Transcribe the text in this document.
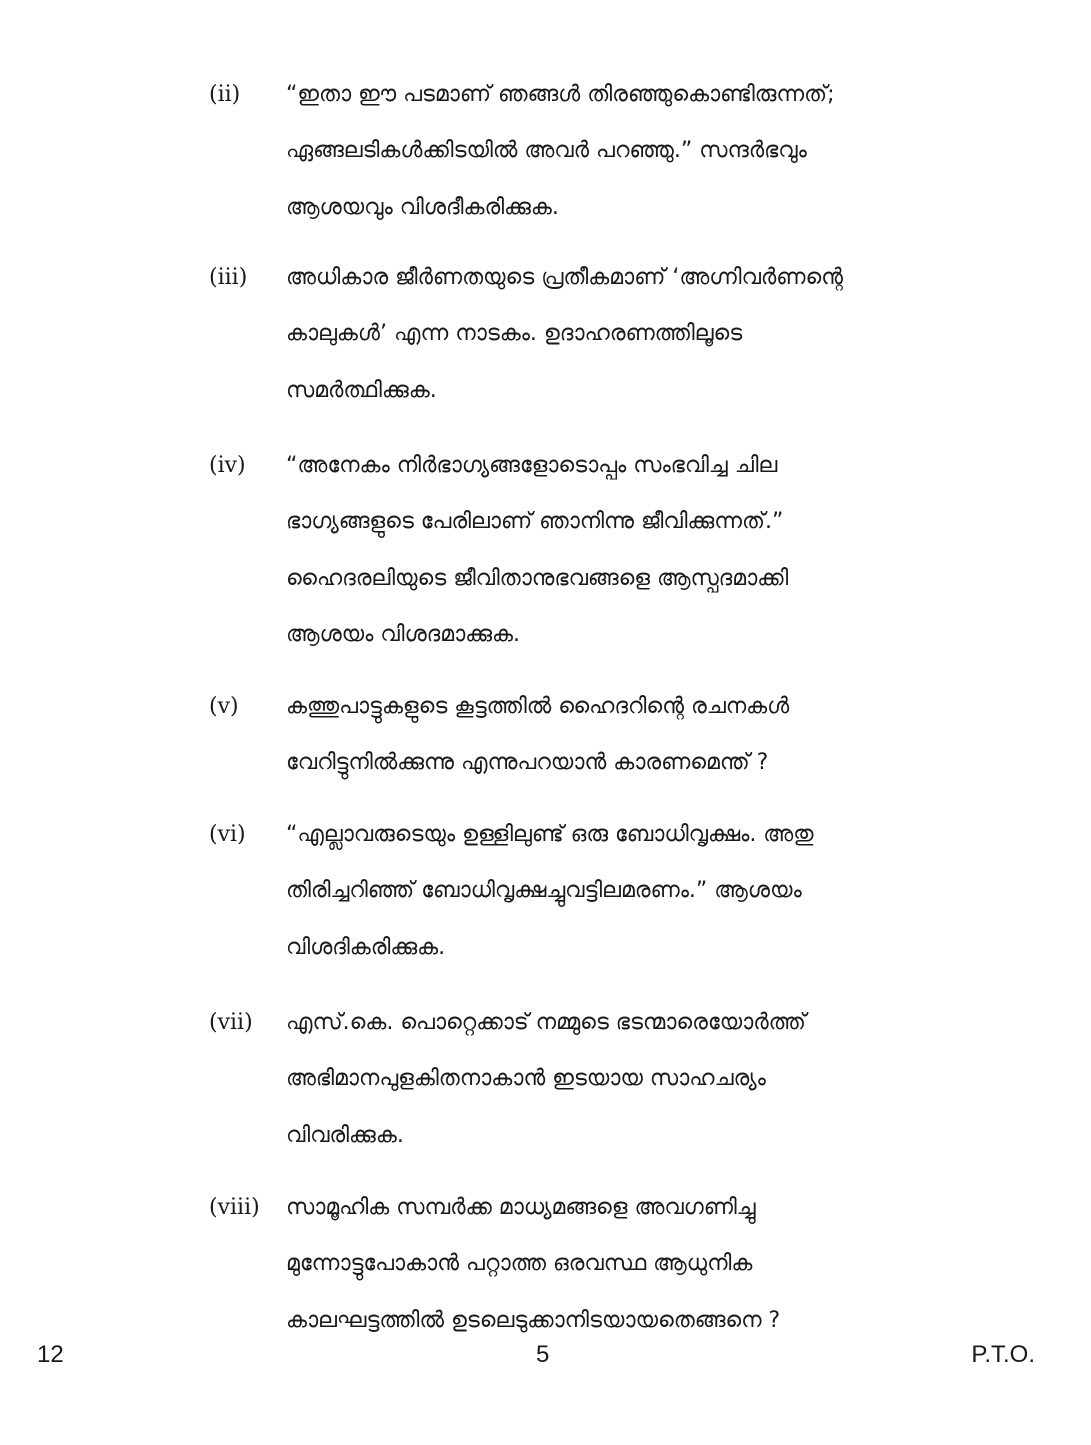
(ii) “ഇതാ ഈ പടമാണ് ഞങ്ങൾ തിരഞ്ഞുകൊണ്ടിരുന്നത്;
ഏങ്ങലടികൾക്കിടയിൽ അവർ പറഞ്ഞു.” സന്ദർഭവും
ആശയവും വിശദീകരിക്കുക.
(iii) അധികാര ജീർണതയുടെ പ്രതീകമാണ് ‘അഗ്നിവർണന്റെ
കാലുകൾ’ എന്ന നാടകം. ഉദാഹരണത്തിലൂടെ
സമർത്ഥിക്കുക.
(iv) “അനേകം നിർഭാഗ്യങ്ങളോടൊപ്പം സംഭവിച്ച ചില
ഭാഗ്യങ്ങളുടെ പേരിലാണ് ഞാനിന്നു ജീവിക്കുന്നത്.”
ഹൈദരലിയുടെ ജീവിതാനുഭവങ്ങളെ ആസ്പദമാക്കി
ആശയം വിശദമാക്കുക.
(v) കത്തുപാട്ടുകളുടെ കൂട്ടത്തിൽ ഹൈദറിന്റെ രചനകൾ
വേറിട്ടുനിൽക്കുന്നു എന്നുപറയാൻ കാരണമെന്ത് ?
(vi) “എല്ലാവരുടെയും ഉള്ളിലുണ്ട് ഒരു ബോധിവൃക്ഷം. അതു
തിരിച്ചറിഞ്ഞ് ബോധിവൃക്ഷച്ചുവട്ടിലമരണം.” ആശയം
വിശദികരിക്കുക.
(vii) എസ്.കെ. പൊറ്റെക്കാട് നമ്മുടെ ഭടന്മാരെയോർത്ത്
അഭിമാനപുളകിതനാകാൻ ഇടയായ സാഹചര്യം
വിവരിക്കുക.
(viii) സാമൂഹിക സമ്പർക്ക മാധ്യമങ്ങളെ അവഗണിച്ചു
മുന്നോട്ടുപോകാൻ പറ്റാത്ത ഒരവസ്ഥ ആധുനിക
കാലഘട്ടത്തിൽ ഉടലെടുക്കാനിടയായതെങ്ങനെ ?
12	5	P.T.O.
